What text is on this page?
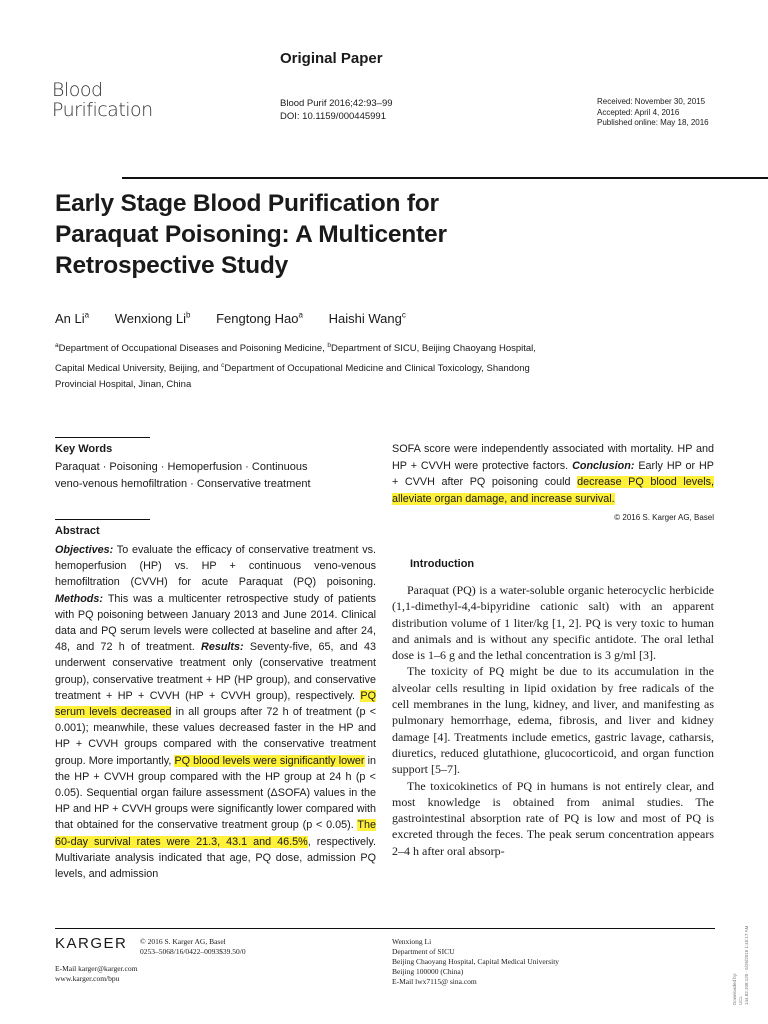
Blood
Purification
Original Paper
Blood Purif 2016;42:93–99
DOI: 10.1159/000445991
Received: November 30, 2015
Accepted: April 4, 2016
Published online: May 18, 2016
Early Stage Blood Purification for
Paraquat Poisoning: A Multicenter
Retrospective Study
An Li$^a$ Wenxiong Li$^b$ Fengtong Hao$^a$ Haishi Wang$^c$
$^a$Department of Occupational Diseases and Poisoning Medicine, $^b$Department of SICU, Beijing Chaoyang Hospital,
Capital Medical University, Beijing, and $^c$Department of Occupational Medicine and Clinical Toxicology, Shandong
Provincial Hospital, Jinan, China
Key Words
Paraquat · Poisoning · Hemoperfusion · Continuous
veno-venous hemofiltration · Conservative treatment
Abstract
Objectives: To evaluate the efficacy of conservative treatment vs. hemoperfusion (HP) vs. HP + continuous veno-venous hemofiltration (CVVH) for acute Paraquat (PQ) poisoning. Methods: This was a multicenter retrospective study of patients with PQ poisoning between January 2013 and June 2014. Clinical data and PQ serum levels were collected at baseline and after 24, 48, and 72 h of treatment. Results: Seventy-five, 65, and 43 underwent conservative treatment only (conservative treatment group), conservative treatment + HP (HP group), and conservative treatment + HP + CVVH (HP + CVVH group), respectively. PQ serum levels decreased in all groups after 72 h of treatment (p < 0.001); meanwhile, these values decreased faster in the HP and HP + CVVH groups compared with the conservative treatment group. More importantly, PQ blood levels were significantly lower in the HP + CVVH group compared with the HP group at 24 h (p < 0.05). Sequential organ failure assessment (ΔSOFA) values in the HP and HP + CVVH groups were significantly lower compared with that obtained for the conservative treatment group (p < 0.05). The 60-day survival rates were 21.3, 43.1 and 46.5%, respectively. Multivariate analysis indicated that age, PQ dose, admission PQ levels, and admission
SOFA score were independently associated with mortality. HP and HP + CVVH were protective factors. Conclusion: Early HP or HP + CVVH after PQ poisoning could decrease PQ blood levels, alleviate organ damage, and increase survival.
© 2016 S. Karger AG, Basel
Introduction

Paraquat (PQ) is a water-soluble organic heterocyclic herbicide (1,1-dimethyl-4,4-bipyridine cationic salt) with an apparent distribution volume of 1 liter/kg [1, 2]. PQ is very toxic to human and animals and is without any specific antidote. The oral lethal dose is 1–6 g and the lethal concentration is 3 g/ml [3].

The toxicity of PQ might be due to its accumulation in the alveolar cells resulting in lipid oxidation by free radicals of the cell membranes in the lung, kidney, and liver, and manifesting as pulmonary hemorrhage, edema, fibrosis, and liver and kidney damage [4]. Treatments include emetics, gastric lavage, catharsis, diuretics, reduced glutathione, glucocorticoid, and organ function support [5–7].

The toxicokinetics of PQ in humans is not entirely clear, and most knowledge is obtained from animal studies. The gastrointestinal absorption rate of PQ is low and most of PQ is excreted through the feces. The peak serum concentration appears 2–4 h after oral absorp-

KARGER © 2016 S. Karger AG, Basel
0253–5068/16/0422–0093$39.50/0
E-Mail karger@karger.com
www.karger.com/bpu
Wenxiong Li
Department of SICU
Beijing Chaoyang Hospital, Capital Medical University
Beijing 100000 (China)
E-Mail lwx7115@ sina.com	Downloaded by: UCL 144.82.108.120 - 5/26/2016 1:45:17 AM
